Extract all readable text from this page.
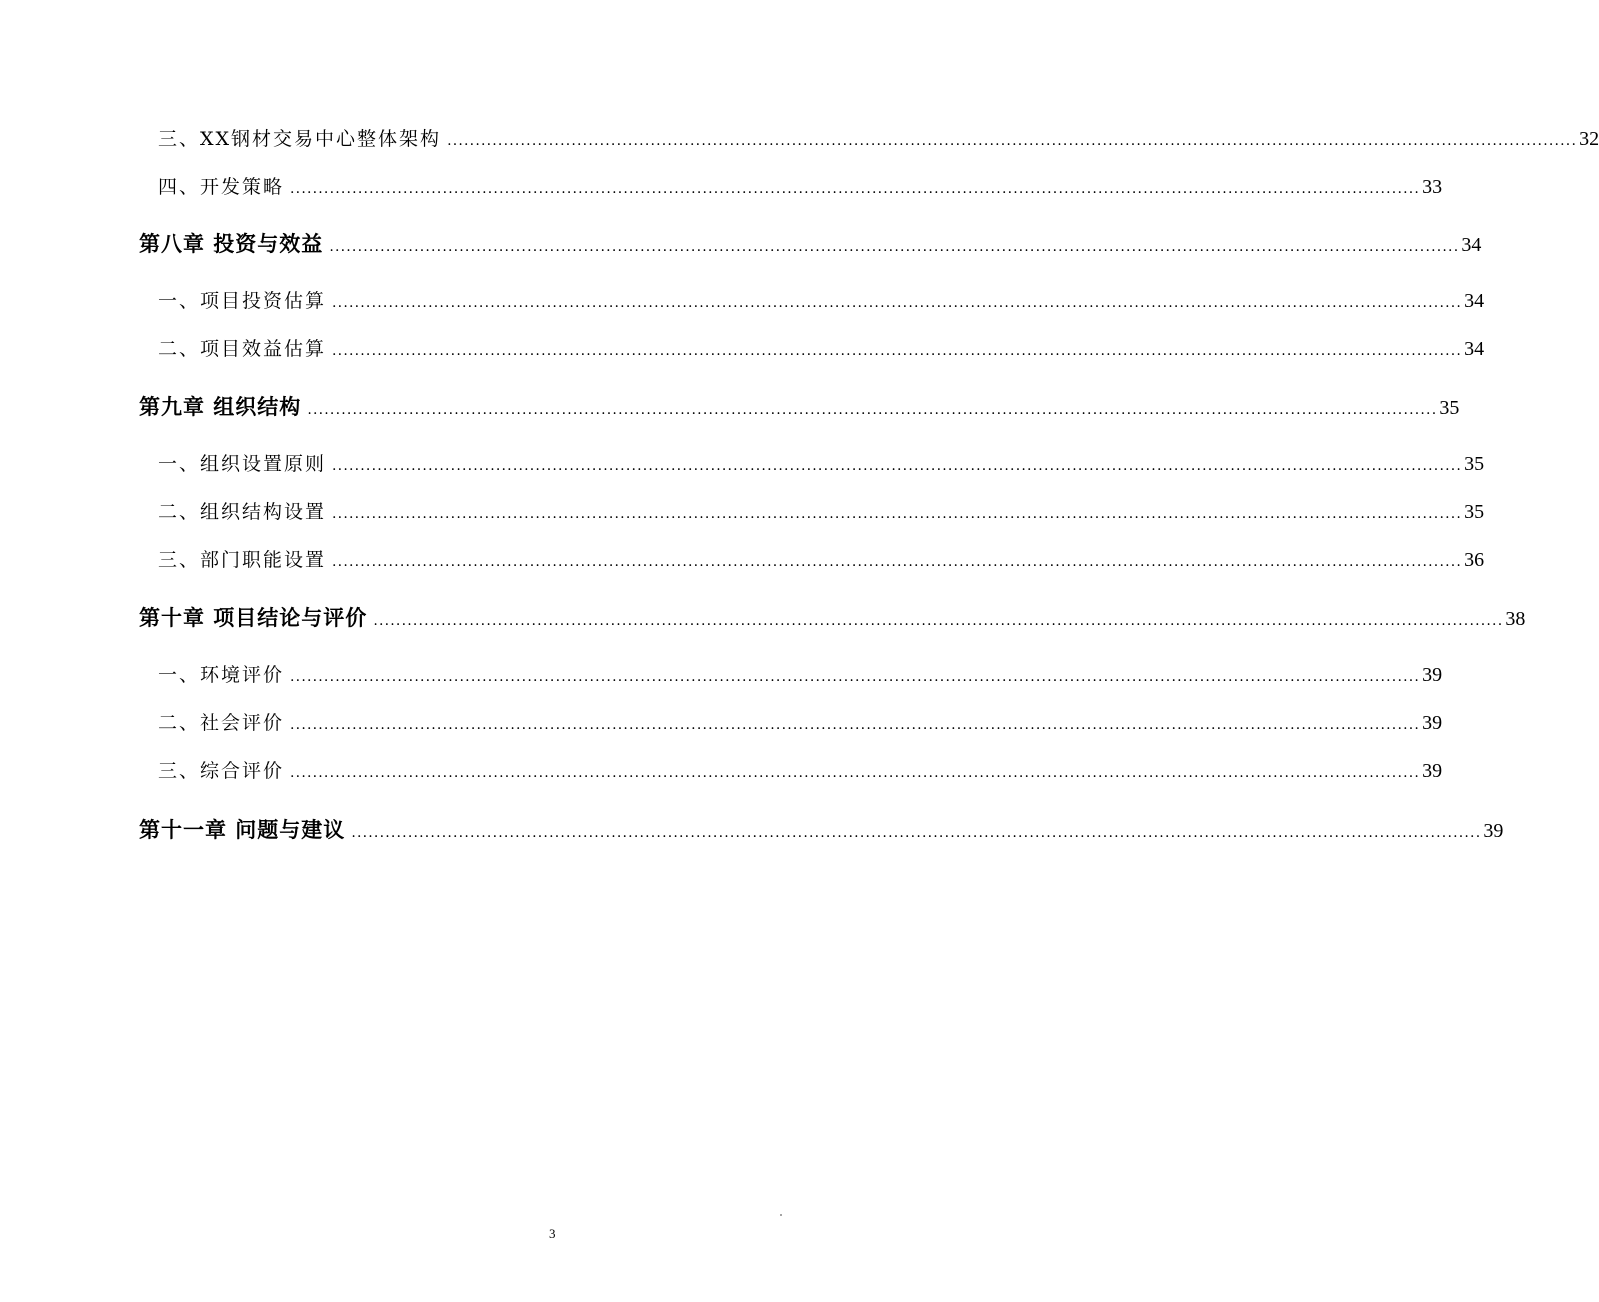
三、XX钢材交易中心整体架构 ........................................................................................................................................................................................................ 32
四、开发策略 ........................................................................................................................................................................................................ 33
第八章 投资与效益 ........................................................................................................................................................................................................ 34
一、项目投资估算 ........................................................................................................................................................................................................ 34
二、项目效益估算 ........................................................................................................................................................................................................ 34
第九章 组织结构 ........................................................................................................................................................................................................ 35
一、组织设置原则 ........................................................................................................................................................................................................ 35
二、组织结构设置 ........................................................................................................................................................................................................ 35
三、部门职能设置 ........................................................................................................................................................................................................ 36
第十章 项目结论与评价 ........................................................................................................................................................................................................ 38
一、环境评价 ........................................................................................................................................................................................................ 39
二、社会评价 ........................................................................................................................................................................................................ 39
三、综合评价 ........................................................................................................................................................................................................ 39
第十一章 问题与建议 ........................................................................................................................................................................................................ 39
3
